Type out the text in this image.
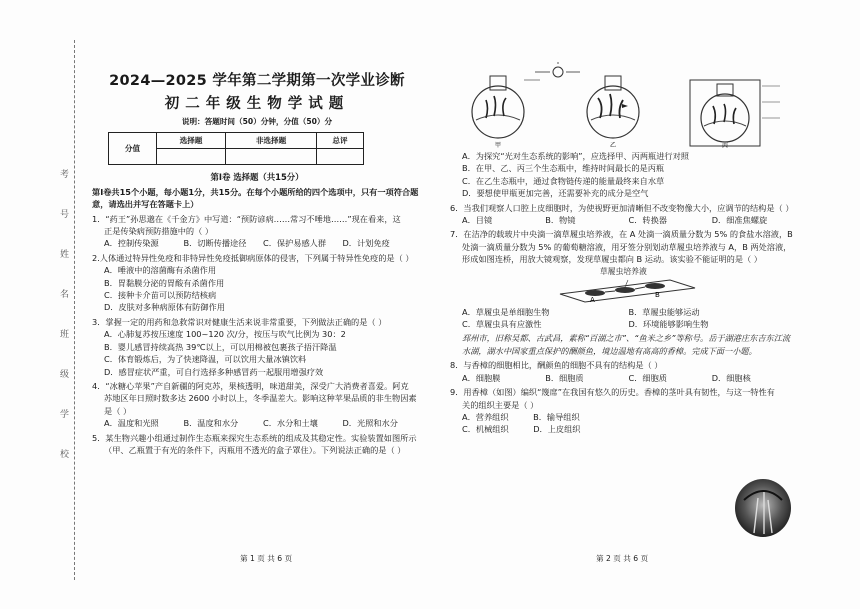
考
号
姓
名
班
级
学
校
2024—2025 学年第二学期第一次学业诊断
初二年级生物学试题
说明：答题时间（50）分钟，分值（50）分
分值	选择题	非选择题	总评

第Ⅰ卷 选择题（共15分）
第Ⅰ卷共15个小题，每小题1分，共15分。在每个小题所给的四个选项中，只有一项符合题意，请选出并写在答题卡上）
1．“药王”孙思邈在《千金方》中写道：“预防谚病……常习不唾地……”现在看来，这
正是传染病预防措施中的（ ）
A．控制传染源	B．切断传播途径	C．保护易感人群	D．计划免疫
2.人体通过特异性免疫和非特异性免疫抵御病原体的侵害，下列属于特异性免疫的是（ ）
A．唾液中的溶菌酶有杀菌作用
B．胃黏膜分泌的胃酸有杀菌作用
C．接种卡介苗可以预防结核病
D．皮肤对多种病原体有防御作用
3．掌握一定的用药和急救常识对健康生活来说非常重要，下列做法正确的是（ ）
A．心肺复苏按压速度 100~120 次/分，按压与吹气比例为 30：2
B．婴儿感冒持续高热 39℃以上，可以用棉被包裹孩子捂汗降温
C．体育锻炼后，为了快速降温，可以饮用大量冰镇饮料
D．感冒症状严重，可自行选择多种感冒药一起服用增强疗效
4．“冰糖心苹果”产自新疆的阿克苏，果核透明，味道甜美，深受广大消费者喜爱。阿克
苏地区年日照时数多达 2600 小时以上，冬季温差大。影响这种苹果品质的非生物因素
是（ ）
A．温度和光照	B．温度和水分	C．水分和土壤	D．光照和水分
5．某生物兴趣小组通过制作生态瓶来探究生态系统的组成及其稳定性。实验装置如图所示
（甲、乙瓶置于有光的条件下，丙瓶用不透光的盒子罩住）。下列说法正确的是（ ）
甲	乙	丙
A．为探究“光对生态系统的影响”，应选择甲、丙两瓶进行对照
B．在甲、乙、丙三个生态瓶中，维持时间最长的是丙瓶
C．在乙生态瓶中，通过食物链传递的能量最终来自水草
D．要想使甲瓶更加完善，还需要补充的成分是空气
6．当我们观察人口腔上皮细胞时，为使视野更加清晰但不改变物像大小，应调节的结构是（ ）
A．目镜	B．物镜	C．转换器	D．细准焦螺旋
7．在洁净的载玻片中央滴一滴草履虫培养液，在 A 处滴一滴质量分数为 5% 的食盐水溶液，B
处滴一滴质量分数为 5% 的葡萄糖溶液，用牙签分别划动草履虫培养液与 A，B 两处溶液，
形成如图连桥，用放大镜观察，发现草履虫都向 B 运动。该实验不能证明的是（ ）
草履虫培养液
A
B
A．草履虫是单细胞生物	B．草履虫能够运动
C．草履虫具有应激性	D．环境能够影响生物
邳州市，旧称吴都、古武昌，素称“百湖之市”、“鱼米之乡”等称号。岳于湖港庄东吉东江流水湖，湖水中国家重点保护的酬颜鱼，境边温地有高高的香樟。完成下面一小题。
8．与香樟的细胞相比，酬颜鱼的细胞不具有的结构是（ ）
A．细胞膜	B．细胞质	C．细胞质	D．细胞核
9．用香樟（如图）编织“篾席”在我国有悠久的历史。香樟的茎叶具有韧性，与这一特性有
关的组织主要是（ ）
A．营养组织　　　B．输导组织
C．机械组织　　　D．上皮组织
第 1 页 共 6 页	第 2 页 共 6 页
